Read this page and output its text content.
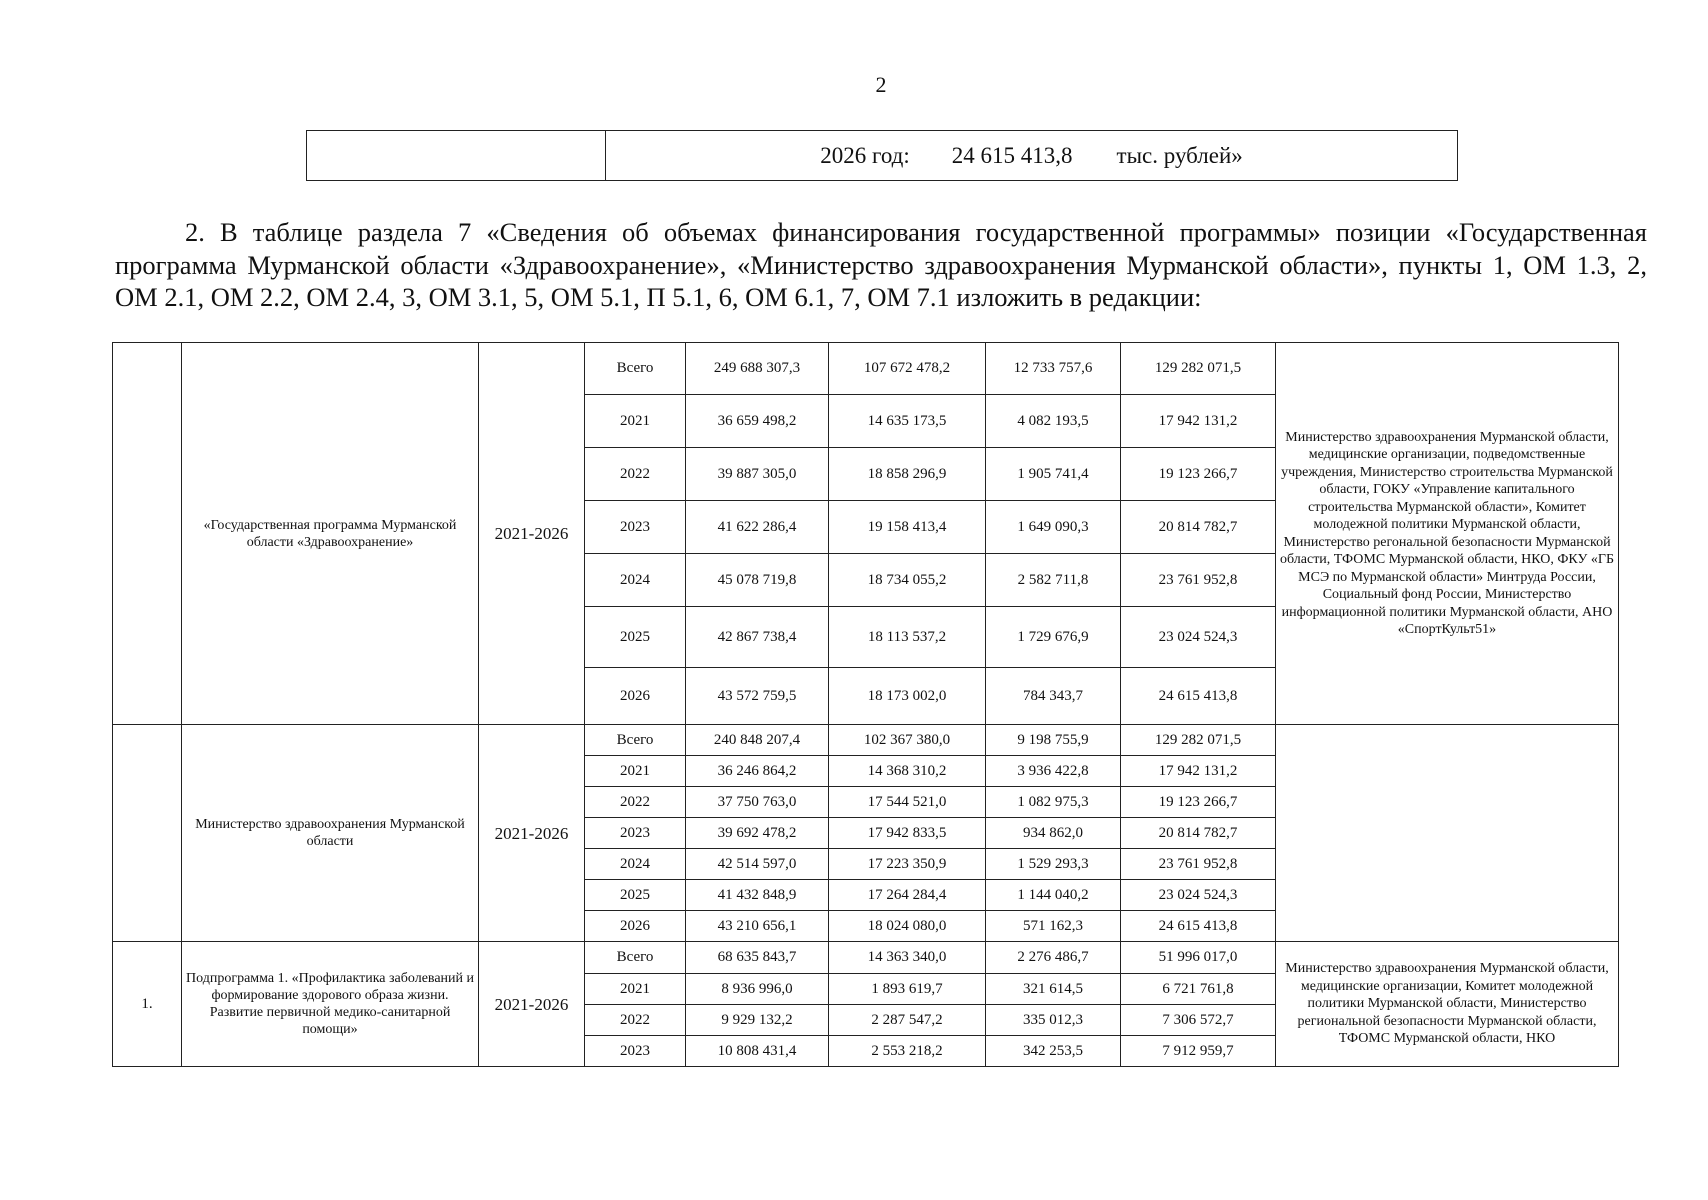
2
2026 год: 24 615 413,8 тыс. рублей»

2. В таблице раздела 7 «Сведения об объемах финансирования государственной программы» позиции «Государственная программа Мурманской области «Здравоохранение», «Министерство здравоохранения Мурманской области», пункты 1, ОМ 1.3, 2, ОМ 2.1, ОМ 2.2, ОМ 2.4, 3, ОМ 3.1, 5, ОМ 5.1, П 5.1, 6, ОМ 6.1, 7, ОМ 7.1 изложить в редакции:

	«Государственная программа Мурманской области «Здравоохранение»	2021-2026	Всего	249 688 307,3	107 672 478,2	12 733 757,6	129 282 071,5	Министерство здравоохранения Мурманской области, медицинские организации, подведомственные учреждения, Министерство строительства Мурманской области, ГОКУ «Управление капитального строительства Мурманской области», Комитет молодежной политики Мурманской области, Министерство регональной безопасности Мурманской области, ТФОМС Мурманской области, НКО, ФКУ «ГБ МСЭ по Мурманской области» Минтруда России, Социальный фонд России, Министерство информационной политики Мурманской области, АНО «СпортКульт51»
			2021	36 659 498,2	14 635 173,5	4 082 193,5	17 942 131,2	
			2022	39 887 305,0	18 858 296,9	1 905 741,4	19 123 266,7	
			2023	41 622 286,4	19 158 413,4	1 649 090,3	20 814 782,7	
			2024	45 078 719,8	18 734 055,2	2 582 711,8	23 761 952,8	
			2025	42 867 738,4	18 113 537,2	1 729 676,9	23 024 524,3	
			2026	43 572 759,5	18 173 002,0	784 343,7	24 615 413,8	
	Министерство здравоохранения Мурманской области	2021-2026	Всего	240 848 207,4	102 367 380,0	9 198 755,9	129 282 071,5	
			2021	36 246 864,2	14 368 310,2	3 936 422,8	17 942 131,2	
			2022	37 750 763,0	17 544 521,0	1 082 975,3	19 123 266,7	
			2023	39 692 478,2	17 942 833,5	934 862,0	20 814 782,7	
			2024	42 514 597,0	17 223 350,9	1 529 293,3	23 761 952,8	
			2025	41 432 848,9	17 264 284,4	1 144 040,2	23 024 524,3	
			2026	43 210 656,1	18 024 080,0	571 162,3	24 615 413,8	
1.	Подпрограмма 1. «Профилактика заболеваний и формирование здорового образа жизни. Развитие первичной медико-санитарной помощи»	2021-2026	Всего	68 635 843,7	14 363 340,0	2 276 486,7	51 996 017,0	Министерство здравоохранения Мурманской области, медицинские организации, Комитет молодежной политики Мурманской области, Министерство региональной безопасности Мурманской области, ТФОМС Мурманской области, НКО
			2021	8 936 996,0	1 893 619,7	321 614,5	6 721 761,8	
			2022	9 929 132,2	2 287 547,2	335 012,3	7 306 572,7	
			2023	10 808 431,4	2 553 218,2	342 253,5	7 912 959,7	
